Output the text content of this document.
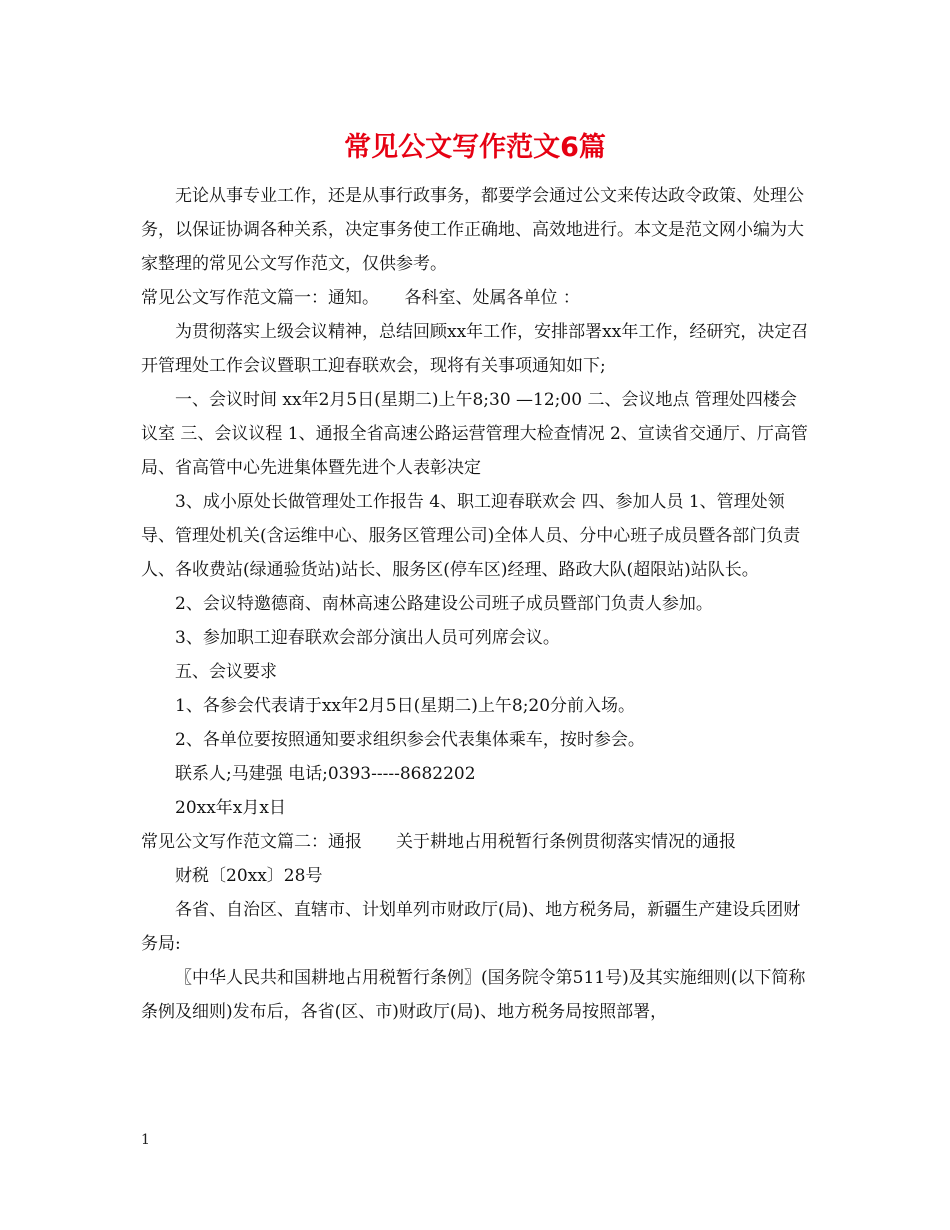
常见公文写作范文6篇

无论从事专业工作，还是从事行政事务，都要学会通过公文来传达政令政策、处理公务，以保证协调各种关系，决定事务使工作正确地、高效地进行。本文是范文网小编为大家整理的常见公文写作范文，仅供参考。

常见公文写作范文篇一：通知。　　各科室、处属各单位 ：

为贯彻落实上级会议精神，总结回顾xx年工作，安排部署xx年工作，经研究，决定召开管理处工作会议暨职工迎春联欢会，现将有关事项通知如下;

一、会议时间 xx年2月5日(星期二)上午8;30 —12;00 二、会议地点 管理处四楼会议室 三、会议议程 1、通报全省高速公路运营管理大检查情况 2、宣读省交通厅、厅高管局、省高管中心先进集体暨先进个人表彰决定

3、成小原处长做管理处工作报告 4、职工迎春联欢会 四、参加人员 1、管理处领导、管理处机关(含运维中心、服务区管理公司)全体人员、分中心班子成员暨各部门负责人、各收费站(绿通验货站)站长、服务区(停车区)经理、路政大队(超限站)站队长。

2、会议特邀德商、南林高速公路建设公司班子成员暨部门负责人参加。

3、参加职工迎春联欢会部分演出人员可列席会议。

五、会议要求

1、各参会代表请于xx年2月5日(星期二)上午8;20分前入场。

2、各单位要按照通知要求组织参会代表集体乘车，按时参会。

联系人;马建强 电话;0393-----8682202

20xx年x月x日

常见公文写作范文篇二：通报　　关于耕地占用税暂行条例贯彻落实情况的通报

财税〔20xx〕28号

各省、自治区、直辖市、计划单列市财政厅(局)、地方税务局，新疆生产建设兵团财务局:

〖中华人民共和国耕地占用税暂行条例〗(国务院令第511号)及其实施细则(以下简称条例及细则)发布后，各省(区、市)财政厅(局)、地方税务局按照部署，

1
